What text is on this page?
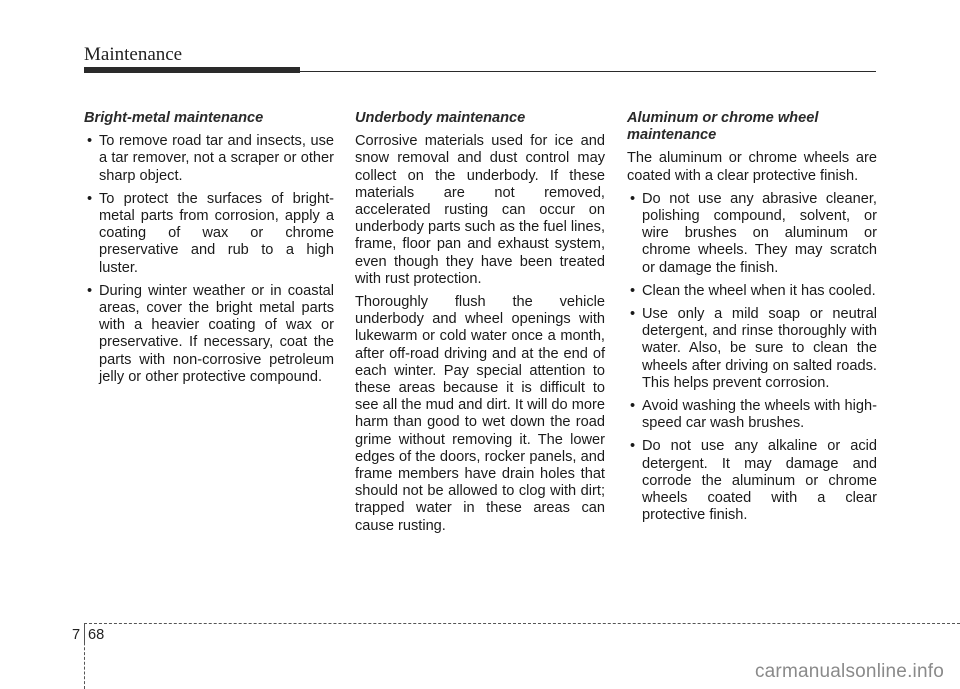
Maintenance
Bright-metal maintenance
• To remove road tar and insects, use a tar remover, not a scraper or other sharp object.
• To protect the surfaces of bright-metal parts from corrosion, apply a coating of wax or chrome preservative and rub to a high luster.
• During winter weather or in coastal areas, cover the bright metal parts with a heavier coating of wax or preservative. If necessary, coat the parts with non-corrosive petroleum jelly or other protective compound.
Underbody maintenance

Corrosive materials used for ice and snow removal and dust control may collect on the underbody. If these materials are not removed, accelerated rusting can occur on underbody parts such as the fuel lines, frame, floor pan and exhaust system, even though they have been treated with rust protection.

Thoroughly flush the vehicle underbody and wheel openings with lukewarm or cold water once a month, after off-road driving and at the end of each winter. Pay special attention to these areas because it is difficult to see all the mud and dirt. It will do more harm than good to wet down the road grime without removing it. The lower edges of the doors, rocker panels, and frame members have drain holes that should not be allowed to clog with dirt; trapped water in these areas can cause rusting.

Aluminum or chrome wheel maintenance

The aluminum or chrome wheels are coated with a clear protective finish.

• Do not use any abrasive cleaner, polishing compound, solvent, or wire brushes on aluminum or chrome wheels. They may scratch or damage the finish.
• Clean the wheel when it has cooled.
• Use only a mild soap or neutral detergent, and rinse thoroughly with water. Also, be sure to clean the wheels after driving on salted roads. This helps prevent corrosion.
• Avoid washing the wheels with high-speed car wash brushes.
• Do not use any alkaline or acid detergent. It may damage and corrode the aluminum or chrome wheels coated with a clear protective finish.
7 68
carmanualsonline.info
